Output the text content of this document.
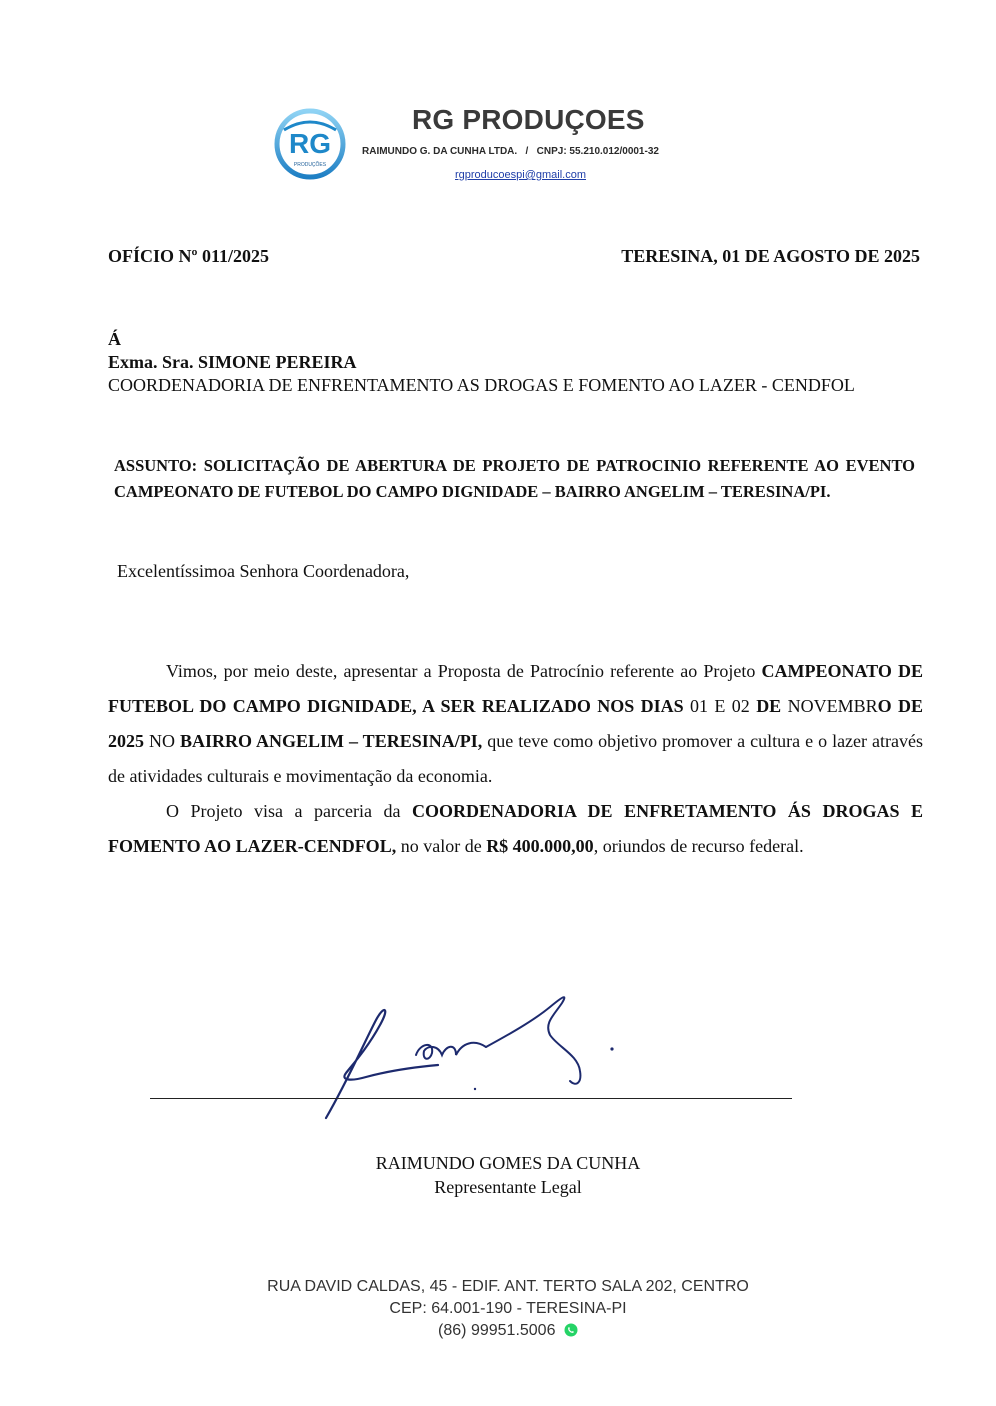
RG
PRODUÇÕES
RG PRODUÇOES
RAIMUNDO G. DA CUNHA LTDA. / CNPJ: 55.210.012/0001-32
rgproducoespi@gmail.com
OFÍCIO Nº 011/2025	TERESINA, 01 DE AGOSTO DE 2025
Á
Exma. Sra. SIMONE PEREIRA
COORDENADORIA DE ENFRENTAMENTO AS DROGAS E FOMENTO AO LAZER - CENDFOL
ASSUNTO: SOLICITAÇÃO DE ABERTURA DE PROJETO DE PATROCINIO REFERENTE AO EVENTO CAMPEONATO DE FUTEBOL DO CAMPO DIGNIDADE – BAIRRO ANGELIM – TERESINA/PI.
Excelentíssimoa Senhora Coordenadora,

Vimos, por meio deste, apresentar a Proposta de Patrocínio referente ao Projeto CAMPEONATO DE FUTEBOL DO CAMPO DIGNIDADE, A SER REALIZADO NOS DIAS 01 E 02 DE NOVEMBRO DE 2025 NO BAIRRO ANGELIM – TERESINA/PI, que teve como objetivo promover a cultura e o lazer através de atividades culturais e movimentação da economia.

O Projeto visa a parceria da COORDENADORIA DE ENFRETAMENTO ÁS DROGAS E FOMENTO AO LAZER-CENDFOL, no valor de R$ 400.000,00, oriundos de recurso federal.

RAIMUNDO GOMES DA CUNHA
Representante Legal
RUA DAVID CALDAS, 45 - EDIF. ANT. TERTO SALA 202, CENTRO
CEP: 64.001-190 - TERESINA-PI
(86) 99951.5006
